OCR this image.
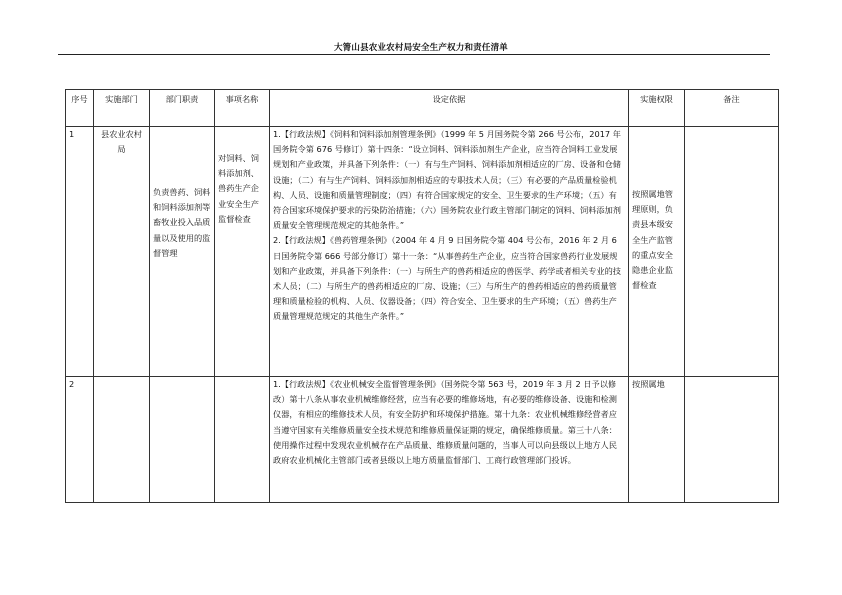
大箐山县农业农村局安全生产权力和责任清单
序号	实施部门	部门职责	事项名称	设定依据	实施权限	备注
1	县农业农村局	负责兽药、饲料和饲料添加剂等畜牧业投入品质量以及使用的监督管理	对饲料、饲料添加剂、兽药生产企业安全生产监督检查	1.【行政法规】《饲料和饲料添加剂管理条例》（1999 年 5 月国务院令第 266 号公布，2017 年国务院令第 676 号修订）第十四条：“设立饲料、饲料添加剂生产企业，应当符合饲料工业发展规划和产业政策，并具备下列条件：（一）有与生产饲料、饲料添加剂相适应的厂房、设备和仓储设施；（二）有与生产饲料、饲料添加剂相适应的专职技术人员；（三）有必要的产品质量检验机构、人员、设施和质量管理制度；（四）有符合国家规定的安全、卫生要求的生产环境；（五）有符合国家环境保护要求的污染防治措施；（六）国务院农业行政主管部门制定的饲料、饲料添加剂质量安全管理规范规定的其他条件。”
2.【行政法规】《兽药管理条例》（2004 年 4 月 9 日国务院令第 404 号公布，2016 年 2 月 6 日国务院令第 666 号部分修订）第十一条：“从事兽药生产企业，应当符合国家兽药行业发展规划和产业政策，并具备下列条件：（一）与所生产的兽药相适应的兽医学、药学或者相关专业的技术人员；（二）与所生产的兽药相适应的厂房、设施；（三）与所生产的兽药相适应的兽药质量管理和质量检验的机构、人员、仪器设备；（四）符合安全、卫生要求的生产环境；（五）兽药生产质量管理规范规定的其他生产条件。”	按照属地管理原则，负责县本级安全生产监管的重点安全隐患企业监督检查	
2				1.【行政法规】《农业机械安全监督管理条例》（国务院令第 563 号，2019 年 3 月 2 日予以修改）第十八条从事农业机械维修经营，应当有必要的维修场地，有必要的维修设备、设施和检测仪器，有相应的维修技术人员，有安全防护和环境保护措施。第十九条：农业机械维修经营者应当遵守国家有关维修质量安全技术规范和维修质量保证期的规定，确保维修质量。第三十八条：使用操作过程中发现农业机械存在产品质量、维修质量问题的，当事人可以向县级以上地方人民政府农业机械化主管部门或者县级以上地方质量监督部门、工商行政管理部门投诉。	按照属地	
